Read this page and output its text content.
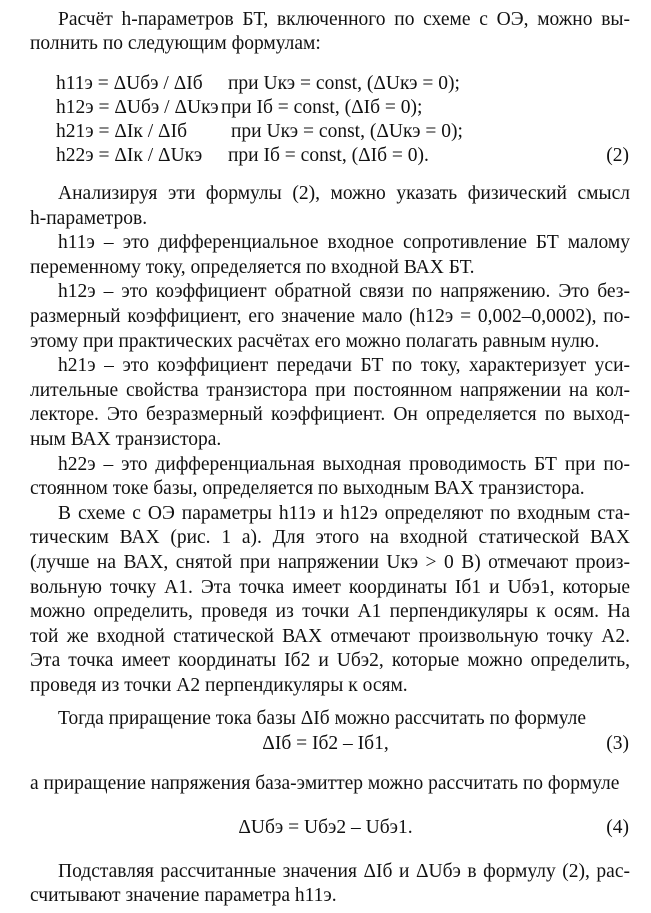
Расчёт h-параметров БТ, включенного по схеме с ОЭ, можно вы-
полнить по следующим формулам:
h11э = ΔUбэ / ΔIб при Uкэ = const, (ΔUкэ = 0);
h12э = ΔUбэ / ΔUкэ при Iб = const, (ΔIб = 0);
h21э = ΔIк / ΔIб при Uкэ = const, (ΔUкэ = 0);
h22э = ΔIк / ΔUкэ при Iб = const, (ΔIб = 0).	(2)
Анализируя эти формулы (2), можно указать физический смысл
h-параметров.
h11э – это дифференциальное входное сопротивление БТ малому
переменному току, определяется по входной ВАХ БТ.
h12э – это коэффициент обратной связи по напряжению. Это без-
размерный коэффициент, его значение мало (h12э = 0,002–0,0002), по-
этому при практических расчётах его можно полагать равным нулю.
h21э – это коэффициент передачи БТ по току, характеризует уси-
лительные свойства транзистора при постоянном напряжении на кол-
лекторе. Это безразмерный коэффициент. Он определяется по выход-
ным ВАХ транзистора.
h22э – это дифференциальная выходная проводимость БТ при по-
стоянном токе базы, определяется по выходным ВАХ транзистора.
В схеме с ОЭ параметры h11э и h12э определяют по входным ста-
тическим ВАХ (рис. 1 а). Для этого на входной статической ВАХ
(лучше на ВАХ, снятой при напряжении Uкэ > 0 В) отмечают произ-
вольную точку А1. Эта точка имеет координаты Iб1 и Uбэ1, которые
можно определить, проведя из точки А1 перпендикуляры к осям. На
той же входной статической ВАХ отмечают произвольную точку А2.
Эта точка имеет координаты Iб2 и Uбэ2, которые можно определить,
проведя из точки А2 перпендикуляры к осям.
Тогда приращение тока базы ΔIб можно рассчитать по формуле
ΔIб = Iб2 – Iб1,	(3)
а приращение напряжения база-эмиттер можно рассчитать по формуле
ΔUбэ = Uбэ2 – Uбэ1.	(4)
Подставляя рассчитанные значения ΔIб и ΔUбэ в формулу (2), рас-
считывают значение параметра h11э.
